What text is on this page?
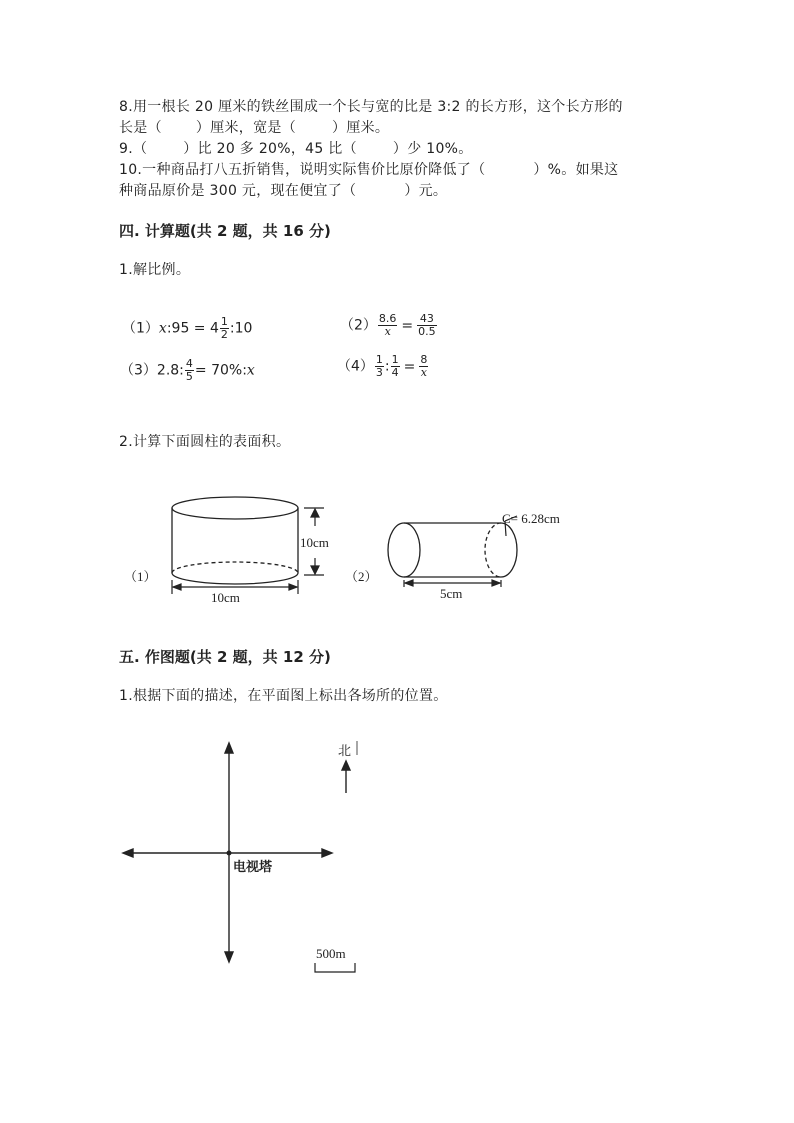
8.用一根长 20 厘米的铁丝围成一个长与宽的比是 3:2 的长方形，这个长方形的
长是（ ）厘米，宽是（	）厘米。
9.（	）比 20 多 20%，45 比（	）少 10%。
10.一种商品打八五折销售，说明实际售价比原价降低了（	）%。如果这
种商品原价是 300 元，现在便宜了（	）元。
四. 计算题(共 2 题，共 16 分)
1.解比例。
（1）x:95 = $4 \frac{1}{2}$ :10	$(2) \frac{8.6}{x} = \frac{43}{0.5}$
（3）2.8: $\frac{4}{5}$ = 70%:x	$(4) \frac{1}{3}$ : $\frac{1}{4} = \frac{8}{x}$
2.计算下面圆柱的表面积。
（1）
10cm
10cm
（2）
C= 6.28cm
5cm
五. 作图题(共 2 题，共 12 分)
1.根据下面的描述，在平面图上标出各场所的位置。
电视塔
北
500m
